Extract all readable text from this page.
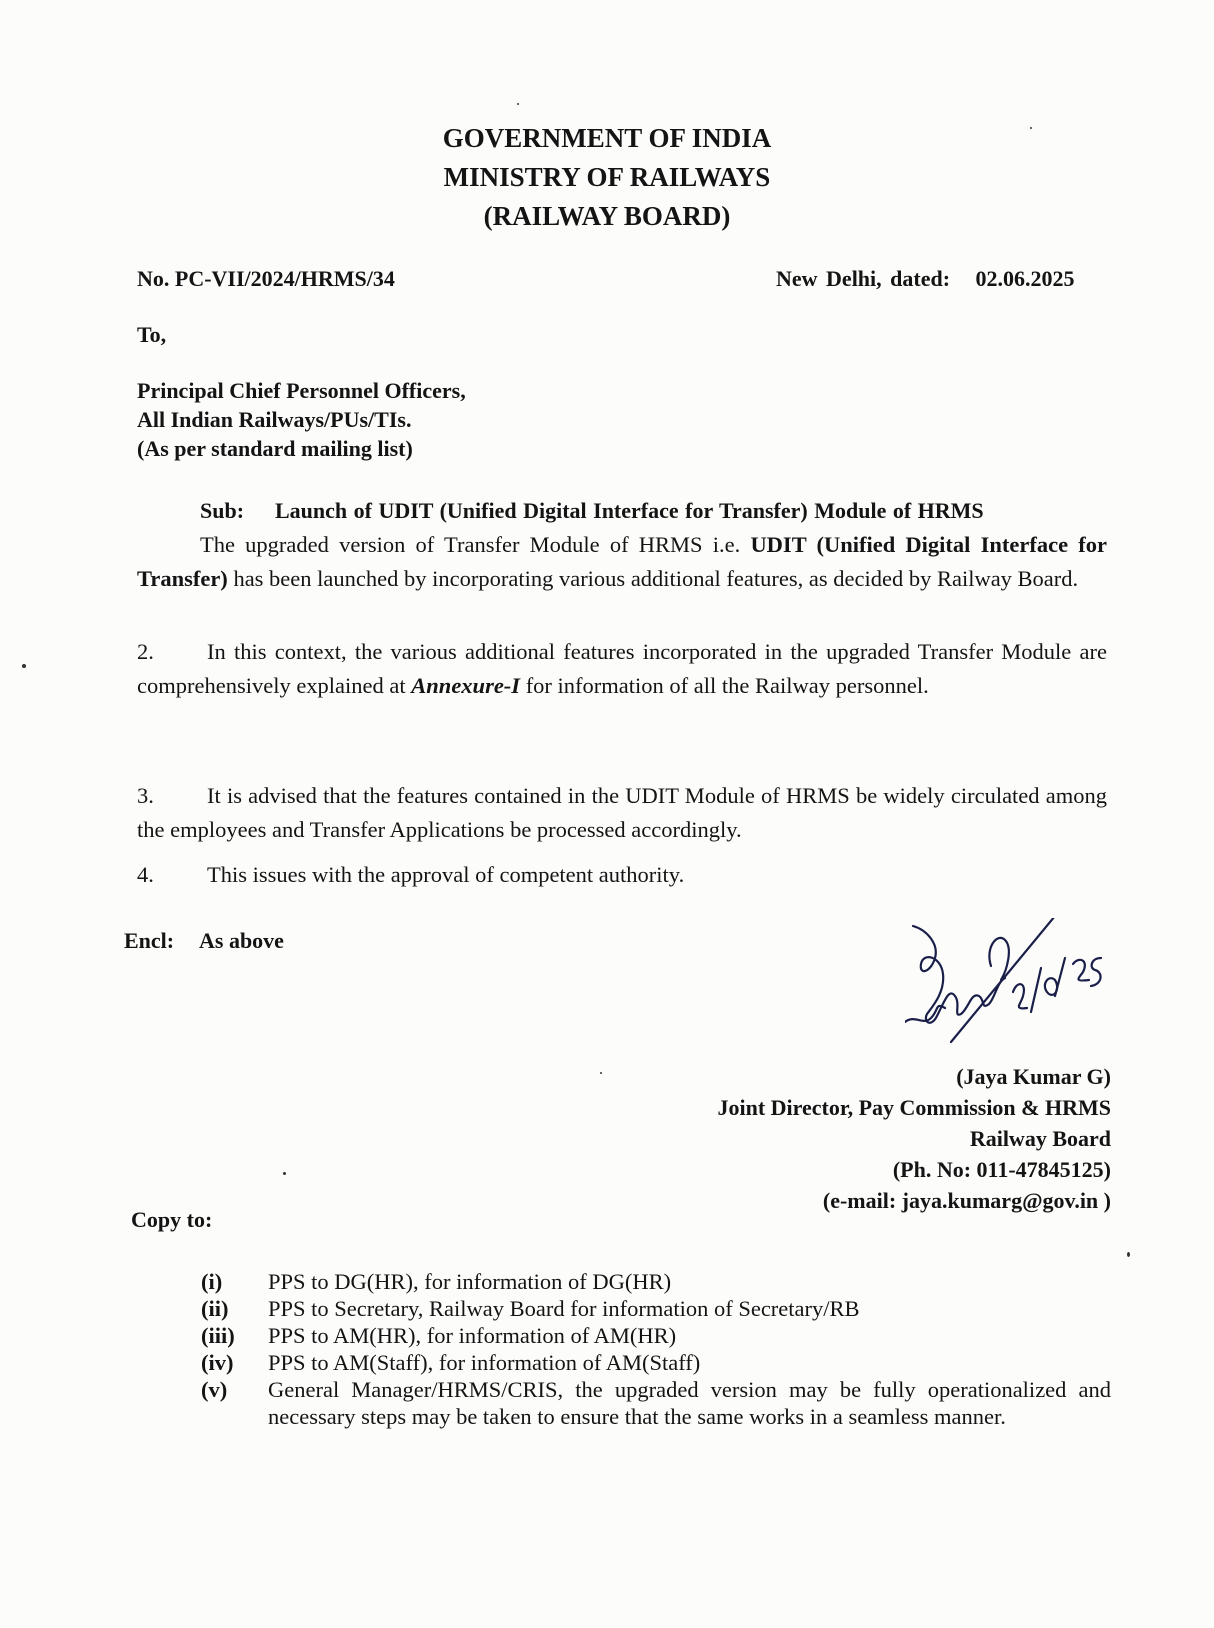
GOVERNMENT OF INDIA
MINISTRY OF RAILWAYS
(RAILWAY BOARD)
No. PC-VII/2024/HRMS/34	New Delhi, dated: 02.06.2025
To,
Principal Chief Personnel Officers,
All Indian Railways/PUs/TIs.
(As per standard mailing list)
Sub: Launch of UDIT (Unified Digital Interface for Transfer) Module of HRMS
The upgraded version of Transfer Module of HRMS i.e. UDIT (Unified Digital Interface for Transfer) has been launched by incorporating various additional features, as decided by Railway Board.
2. In this context, the various additional features incorporated in the upgraded Transfer Module are comprehensively explained at Annexure-I for information of all the Railway personnel.
3. It is advised that the features contained in the UDIT Module of HRMS be widely circulated among the employees and Transfer Applications be processed accordingly.
4. This issues with the approval of competent authority.
Encl: As above
(Jaya Kumar G)
Joint Director, Pay Commission & HRMS
Railway Board
(Ph. No: 011-47845125)
(e-mail: jaya.kumarg@gov.in )
Copy to:
(i)	PPS to DG(HR), for information of DG(HR)
(ii)	PPS to Secretary, Railway Board for information of Secretary/RB
(iii)	PPS to AM(HR), for information of AM(HR)
(iv)	PPS to AM(Staff), for information of AM(Staff)
(v)	General Manager/HRMS/CRIS, the upgraded version may be fully operationalized and necessary steps may be taken to ensure that the same works in a seamless manner.
